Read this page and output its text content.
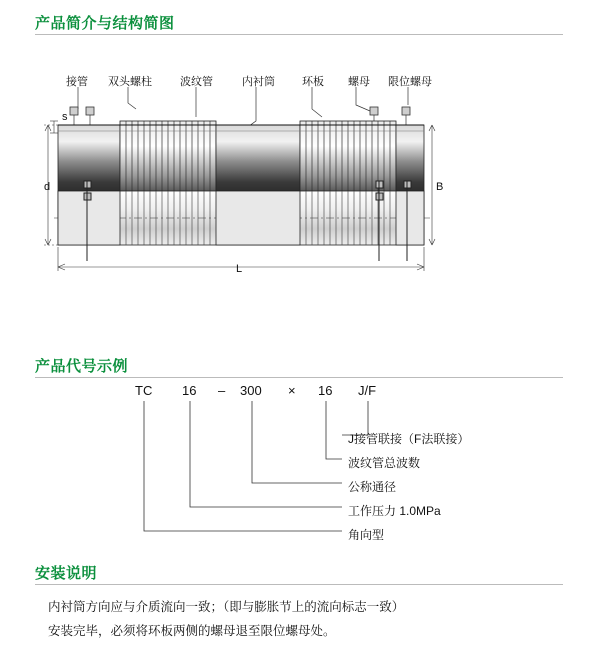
产品简介与结构简图
接管 双头螺柱	波纹管	内衬筒 环板 螺母 限位螺母
s
d	B
L
产品代号示例
TC 16 – 300 × 16 J/F
J接管联接（F法联接）
波纹管总波数
公称通径
工作压力 1.0MPa
角向型
安装说明

内衬筒方向应与介质流向一致；（即与膨胀节上的流向标志一致）

安装完毕，必须将环板两侧的螺母退至限位螺母处。
